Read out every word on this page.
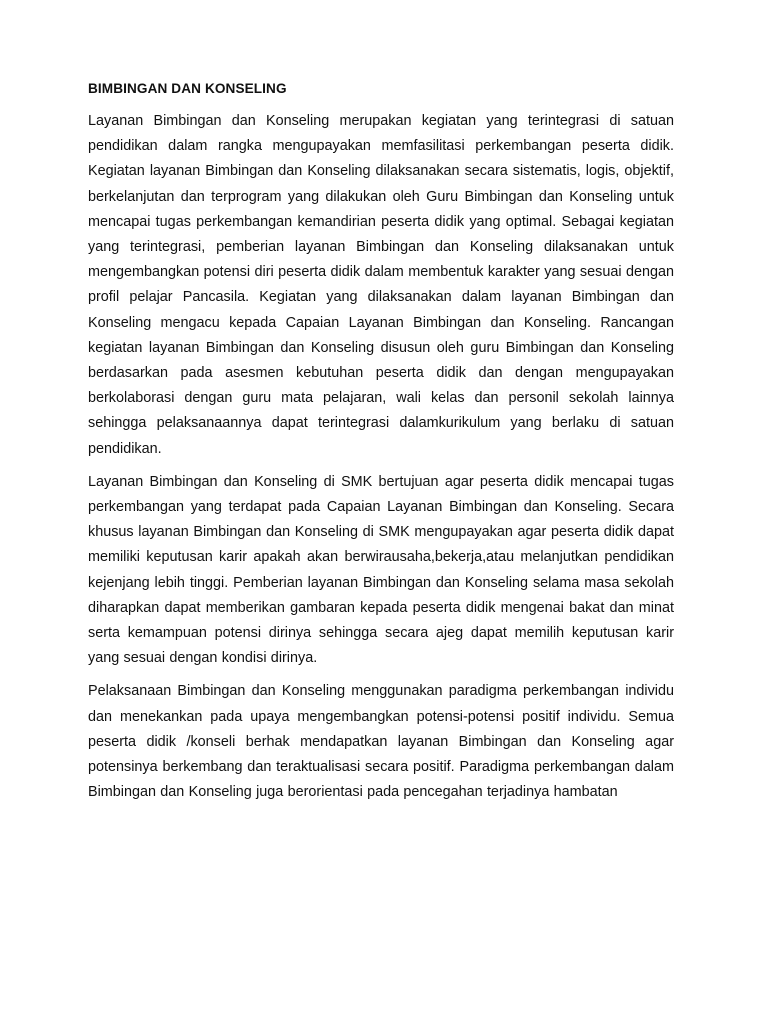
BIMBINGAN DAN KONSELING

Layanan Bimbingan dan Konseling merupakan kegiatan yang terintegrasi di satuan pendidikan dalam rangka mengupayakan memfasilitasi perkembangan peserta didik. Kegiatan layanan Bimbingan dan Konseling dilaksanakan secara sistematis, logis, objektif, berkelanjutan dan terprogram yang dilakukan oleh Guru Bimbingan dan Konseling untuk mencapai tugas perkembangan kemandirian peserta didik yang optimal. Sebagai kegiatan yang terintegrasi, pemberian layanan Bimbingan dan Konseling dilaksanakan untuk mengembangkan potensi diri peserta didik dalam membentuk karakter yang sesuai dengan profil pelajar Pancasila. Kegiatan yang dilaksanakan dalam layanan Bimbingan dan Konseling mengacu kepada Capaian Layanan Bimbingan dan Konseling. Rancangan kegiatan layanan Bimbingan dan Konseling disusun oleh guru Bimbingan dan Konseling berdasarkan pada asesmen kebutuhan peserta didik dan dengan mengupayakan berkolaborasi dengan guru mata pelajaran, wali kelas dan personil sekolah lainnya sehingga pelaksanaannya dapat terintegrasi dalamkurikulum yang berlaku di satuan pendidikan.

Layanan Bimbingan dan Konseling di SMK bertujuan agar peserta didik mencapai tugas perkembangan yang terdapat pada Capaian Layanan Bimbingan dan Konseling. Secara khusus layanan Bimbingan dan Konseling di SMK mengupayakan agar peserta didik dapat memiliki keputusan karir apakah akan berwirausaha,bekerja,atau melanjutkan pendidikan kejenjang lebih tinggi. Pemberian layanan Bimbingan dan Konseling selama masa sekolah diharapkan dapat memberikan gambaran kepada peserta didik mengenai bakat dan minat serta kemampuan potensi dirinya sehingga secara ajeg dapat memilih keputusan karir yang sesuai dengan kondisi dirinya.

Pelaksanaan Bimbingan dan Konseling menggunakan paradigma perkembangan individu dan menekankan pada upaya mengembangkan potensi-potensi positif individu. Semua peserta didik /konseli berhak mendapatkan layanan Bimbingan dan Konseling agar potensinya berkembang dan teraktualisasi secara positif. Paradigma perkembangan dalam Bimbingan dan Konseling juga berorientasi pada pencegahan terjadinya hambatan
